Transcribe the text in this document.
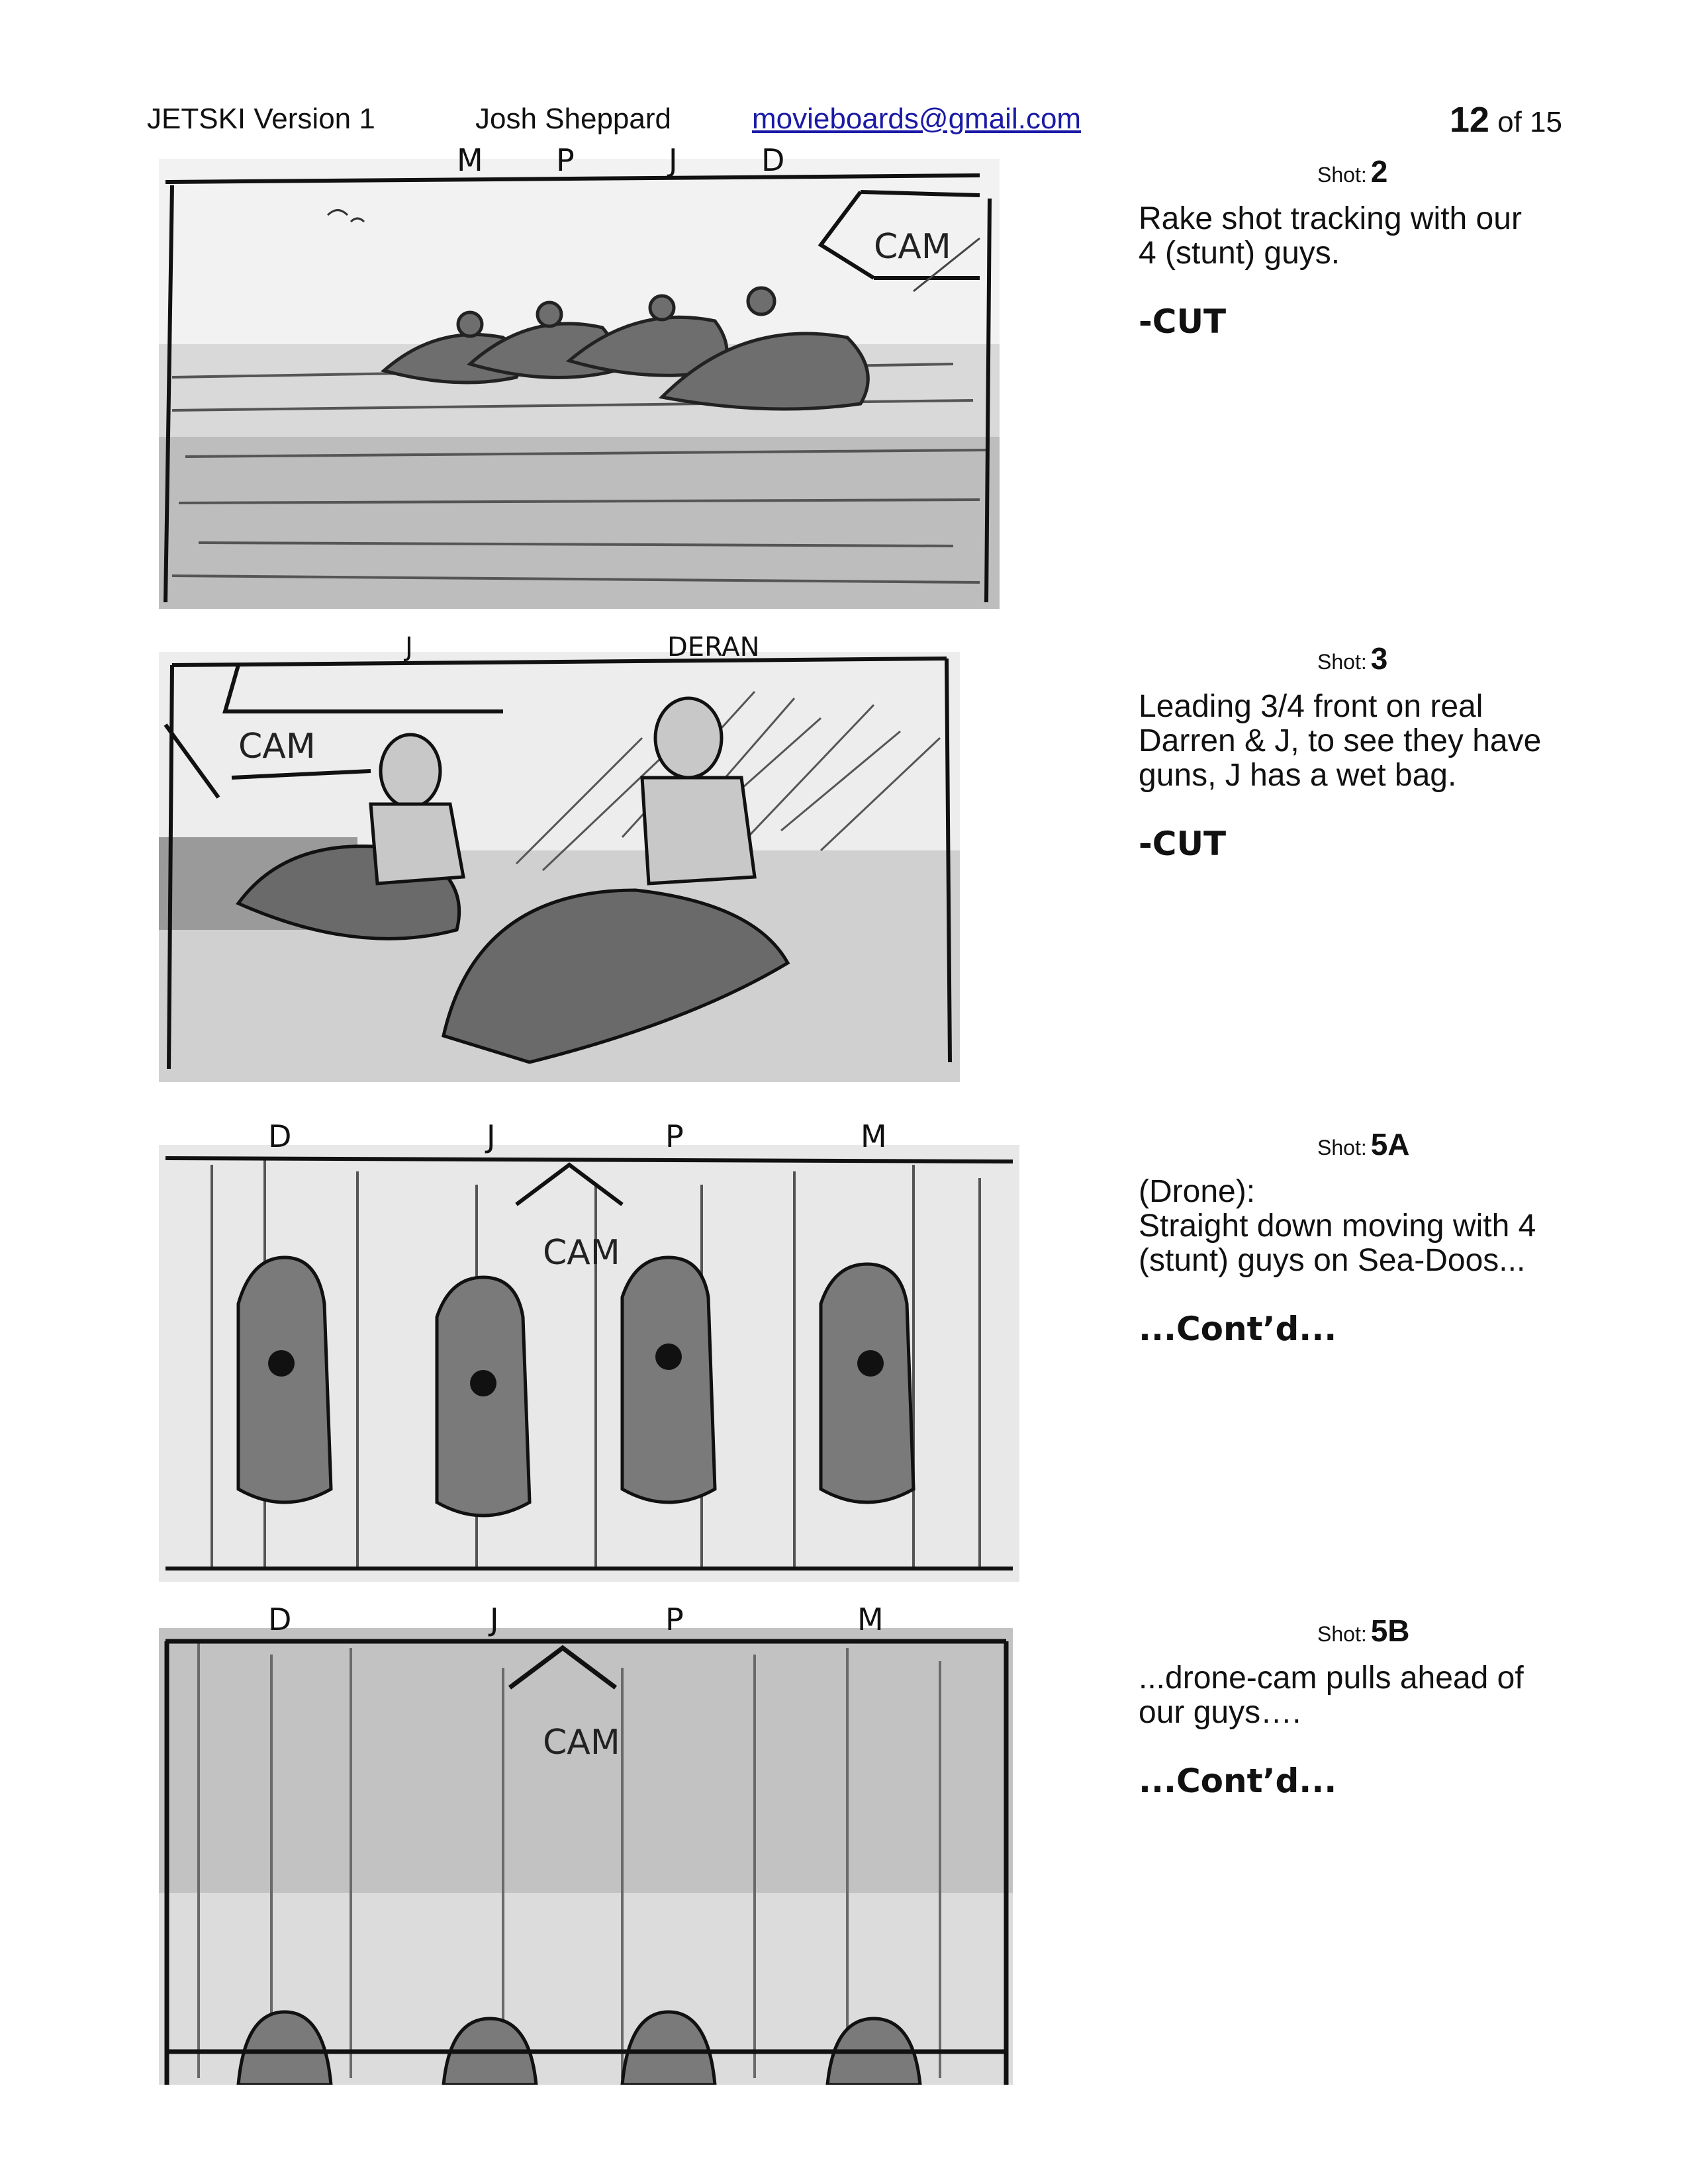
JETSKI Version 1	Josh Sheppard	movieboards@gmail.com	12 of 15
CAM
M P	J	D
CAM
J	DERAN
CAM
D	J	P	M
CAM
D	J	P	M
Shot: 2
Rake shot tracking with our
4 (stunt) guys.
-CUT
Shot: 3
Leading 3/4 front on real
Darren & J, to see they have
guns, J has a wet bag.
-CUT
Shot: 5A
(Drone):
Straight down moving with 4
(stunt) guys on Sea-Doos...
...Cont’d...
Shot: 5B
...drone-cam pulls ahead of
our guys….
...Cont’d...
